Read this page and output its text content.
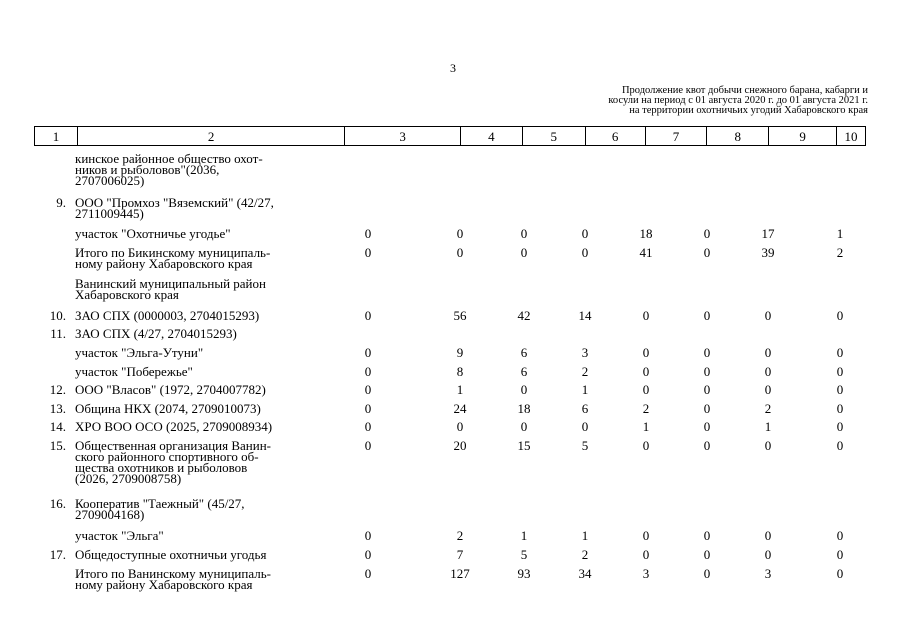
3
Продолжение квот добычи снежного барана, кабарги и
косули на период с 01 августа 2020 г. до 01 августа 2021 г.
на территории охотничьих угодий Хабаровского края
1	2	3	4	5	6	7	8	9	10
кинское районное общество охот-
ников и рыболовов"(2036,
2707006025)
9. ООО "Промхоз "Вяземский" (42/27,
2711009445)
участок "Охотничье угодье"	0	0	0	0	18	0	17	1
Итого по Бикинскому муниципаль-
ному району Хабаровского края
0	0	0	0	41	0	39	2
Ванинский муниципальный район
Хабаровского края
10. ЗАО СПХ (0000003, 2704015293)	0	56	42	14	0	0	0	0
11. ЗАО СПХ (4/27, 2704015293)
участок "Эльга-Утуни"	0	9	6	3	0	0	0	0
участок "Побережье"	0	8	6	2	0	0	0	0
12. ООО "Власов" (1972, 2704007782)	0	1	0	1	0	0	0	0
13. Община НКХ (2074, 2709010073)	0	24	18	6	2	0	2	0
14. ХРО ВОО ОСО (2025, 2709008934)	0	0	0	0	1	0	1	0
15. Общественная организация Ванин-
ского районного спортивного об-
щества охотников и рыболовов
(2026, 2709008758)
0	20	15	5	0	0	0	0
16. Кооператив "Таежный" (45/27,
2709004168)
участок "Эльга"	0	2	1	1	0	0	0	0
17. Общедоступные охотничьи угодья	0	7	5	2	0	0	0	0
Итого по Ванинскому муниципаль-
ному району Хабаровского края
0	127	93	34	3	0	3	0
